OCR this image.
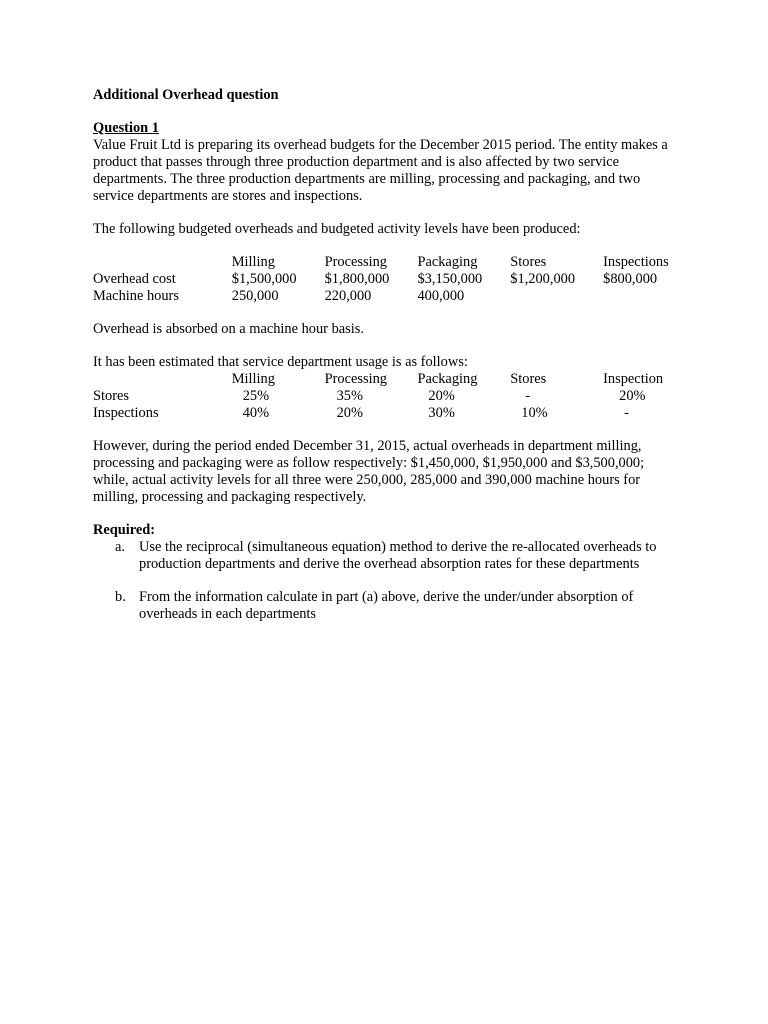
Additional Overhead question

Question 1

Value Fruit Ltd is preparing its overhead budgets for the December 2015 period. The entity makes a product that passes through three production department and is also affected by two service departments. The three production departments are milling, processing and packaging, and two service departments are stores and inspections.

The following budgeted overheads and budgeted activity levels have been produced:

Milling	Processing	Packaging	Stores	Inspections
Overhead cost	$1,500,000	$1,800,000	$3,150,000	$1,200,000	$800,000
Machine hours	250,000	220,000	400,000

Overhead is absorbed on a machine hour basis.

It has been estimated that service department usage is as follows:

Milling	Processing	Packaging	Stores	Inspection
Stores	25%	35%	20%	-	20%
Inspections	40%	20%	30%	10%	-

However, during the period ended December 31, 2015, actual overheads in department milling, processing and packaging were as follow respectively: $1,450,000, $1,950,000 and $3,500,000; while, actual activity levels for all three were 250,000, 285,000 and 390,000 machine hours for milling, processing and packaging respectively.

Required:

a. Use the reciprocal (simultaneous equation) method to derive the re-allocated overheads to production departments and derive the overhead absorption rates for these departments
b. From the information calculate in part (a) above, derive the under/under absorption of overheads in each departments
